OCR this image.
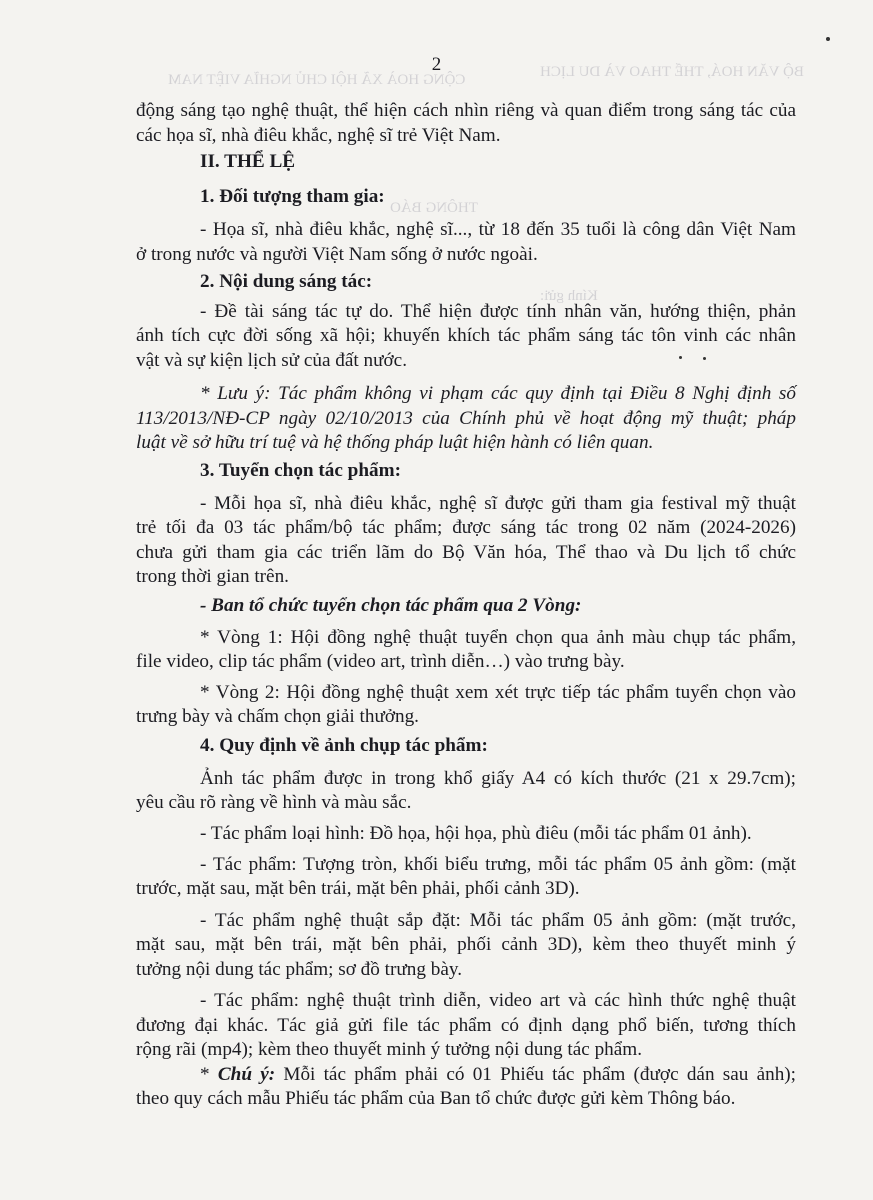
CỘNG HOÀ XÃ HỘI CHỦ NGHĨA VIỆT NAM	BỘ VĂN HOÁ, THỂ THAO VÀ DU LỊCH
THÔNG BÁO
Kính gửi:
2
động sáng tạo nghệ thuật, thể hiện cách nhìn riêng và quan điểm trong sáng tác của
các họa sĩ, nhà điêu khắc, nghệ sĩ trẻ Việt Nam.
II. THỂ LỆ
1. Đối tượng tham gia:
- Họa sĩ, nhà điêu khắc, nghệ sĩ..., từ 18 đến 35 tuổi là công dân Việt Nam
ở trong nước và người Việt Nam sống ở nước ngoài.
2. Nội dung sáng tác:
- Đề tài sáng tác tự do. Thể hiện được tính nhân văn, hướng thiện, phản
ánh tích cực đời sống xã hội; khuyến khích tác phẩm sáng tác tôn vinh các nhân
vật và sự kiện lịch sử của đất nước.
* Lưu ý: Tác phẩm không vi phạm các quy định tại Điều 8 Nghị định số
113/2013/NĐ-CP ngày 02/10/2013 của Chính phủ về hoạt động mỹ thuật; pháp
luật về sở hữu trí tuệ và hệ thống pháp luật hiện hành có liên quan.
3. Tuyển chọn tác phẩm:
- Mỗi họa sĩ, nhà điêu khắc, nghệ sĩ được gửi tham gia festival mỹ thuật
trẻ tối đa 03 tác phẩm/bộ tác phẩm; được sáng tác trong 02 năm (2024-2026)
chưa gửi tham gia các triển lãm do Bộ Văn hóa, Thể thao và Du lịch tổ chức
trong thời gian trên.
- Ban tổ chức tuyển chọn tác phẩm qua 2 Vòng:
* Vòng 1: Hội đồng nghệ thuật tuyển chọn qua ảnh màu chụp tác phẩm,
file video, clip tác phẩm (video art, trình diễn…) vào trưng bày.
* Vòng 2: Hội đồng nghệ thuật xem xét trực tiếp tác phẩm tuyển chọn vào
trưng bày và chấm chọn giải thưởng.
4. Quy định về ảnh chụp tác phẩm:
Ảnh tác phẩm được in trong khổ giấy A4 có kích thước (21 x 29.7cm);
yêu cầu rõ ràng về hình và màu sắc.
- Tác phẩm loại hình: Đồ họa, hội họa, phù điêu (mỗi tác phẩm 01 ảnh).
- Tác phẩm: Tượng tròn, khối biểu trưng, mỗi tác phẩm 05 ảnh gồm: (mặt
trước, mặt sau, mặt bên trái, mặt bên phải, phối cảnh 3D).
- Tác phẩm nghệ thuật sắp đặt: Mỗi tác phẩm 05 ảnh gồm: (mặt trước,
mặt sau, mặt bên trái, mặt bên phải, phối cảnh 3D), kèm theo thuyết minh ý
tưởng nội dung tác phẩm; sơ đồ trưng bày.
- Tác phẩm: nghệ thuật trình diễn, video art và các hình thức nghệ thuật
đương đại khác. Tác giả gửi file tác phẩm có định dạng phổ biến, tương thích
rộng rãi (mp4); kèm theo thuyết minh ý tưởng nội dung tác phẩm.
* Chú ý: Mỗi tác phẩm phải có 01 Phiếu tác phẩm (được dán sau ảnh);
theo quy cách mẫu Phiếu tác phẩm của Ban tổ chức được gửi kèm Thông báo.
